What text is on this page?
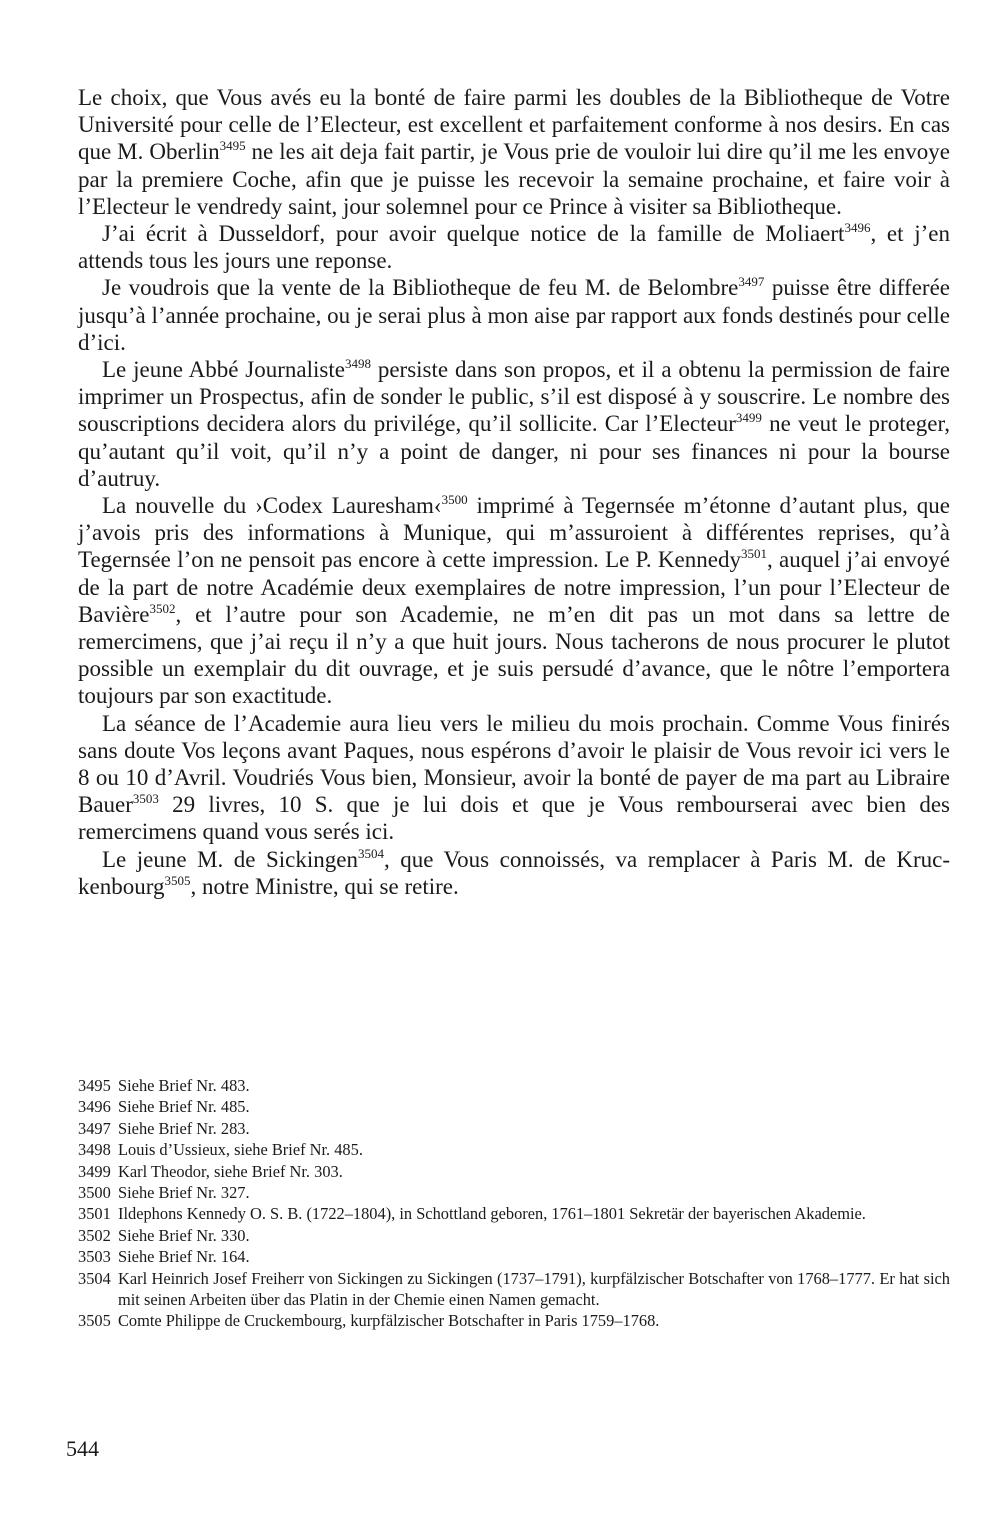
Le choix, que Vous avés eu la bonté de faire parmi les doubles de la Bibliotheque de Votre Université pour celle de l’Electeur, est excellent et parfaitement conforme à nos desirs. En cas que M. Oberlin$^{3495}$ ne les ait deja fait partir, je Vous prie de vouloir lui dire qu’il me les envoye par la premiere Coche, afin que je puisse les recevoir la semaine prochaine, et faire voir à l’Electeur le vendredy saint, jour solemnel pour ce Prince à visiter sa Bibliotheque.

J’ai écrit à Dusseldorf, pour avoir quelque notice de la famille de Moliaert$^{3496}$, et j’en attends tous les jours une reponse.

Je voudrois que la vente de la Bibliotheque de feu M. de Belombre$^{3497}$ puisse être differée jusqu’à l’année prochaine, ou je serai plus à mon aise par rapport aux fonds destinés pour celle d’ici.

Le jeune Abbé Journaliste$^{3498}$ persiste dans son propos, et il a obtenu la permission de faire imprimer un Prospectus, afin de sonder le public, s’il est disposé à y souscrire. Le nombre des souscriptions decidera alors du privilége, qu’il sollicite. Car l’Electeur$^{3499}$ ne veut le proteger, qu’autant qu’il voit, qu’il n’y a point de danger, ni pour ses finances ni pour la bourse d’autruy.

La nouvelle du ›Codex Lauresham‹$^{3500}$ imprimé à Tegernsée m’étonne d’autant plus, que j’avois pris des informations à Munique, qui m’assuroient à différentes reprises, qu’à Tegernsée l’on ne pensoit pas encore à cette impression. Le P. Kennedy$^{3501}$, auquel j’ai envoyé de la part de notre Académie deux exemplaires de notre impression, l’un pour l’Electeur de Bavière$^{3502}$, et l’autre pour son Academie, ne m’en dit pas un mot dans sa lettre de remercimens, que j’ai reçu il n’y a que huit jours. Nous tacherons de nous procurer le plutot possible un exemplair du dit ouvrage, et je suis persudé d’avance, que le nôtre l’emportera toujours par son exactitude.

La séance de l’Academie aura lieu vers le milieu du mois prochain. Comme Vous finirés sans doute Vos leçons avant Paques, nous espérons d’avoir le plaisir de Vous revoir ici vers le 8 ou 10 d’Avril. Voudriés Vous bien, Monsieur, avoir la bonté de payer de ma part au Libraire Bauer$^{3503}$ 29 livres, 10 S. que je lui dois et que je Vous rembourserai avec bien des remercimens quand vous serés ici.

Le jeune M. de Sickingen$^{3504}$, que Vous connoissés, va remplacer à Paris M. de Kruckenbourg$^{3505}$, notre Ministre, qui se retire.

3495 Siehe Brief Nr. 483.
3496 Siehe Brief Nr. 485.
3497 Siehe Brief Nr. 283.
3498 Louis d’Ussieux, siehe Brief Nr. 485.
3499 Karl Theodor, siehe Brief Nr. 303.
3500 Siehe Brief Nr. 327.
3501 Ildephons Kennedy O. S. B. (1722–1804), in Schottland geboren, 1761–1801 Sekretär der bayerischen Akademie.
3502 Siehe Brief Nr. 330.
3503 Siehe Brief Nr. 164.
3504 Karl Heinrich Josef Freiherr von Sickingen zu Sickingen (1737–1791), kurpfälzischer Botschafter von 1768–1777. Er hat sich mit seinen Arbeiten über das Platin in der Chemie einen Namen gemacht.
3505 Comte Philippe de Cruckembourg, kurpfälzischer Botschafter in Paris 1759–1768.
544
